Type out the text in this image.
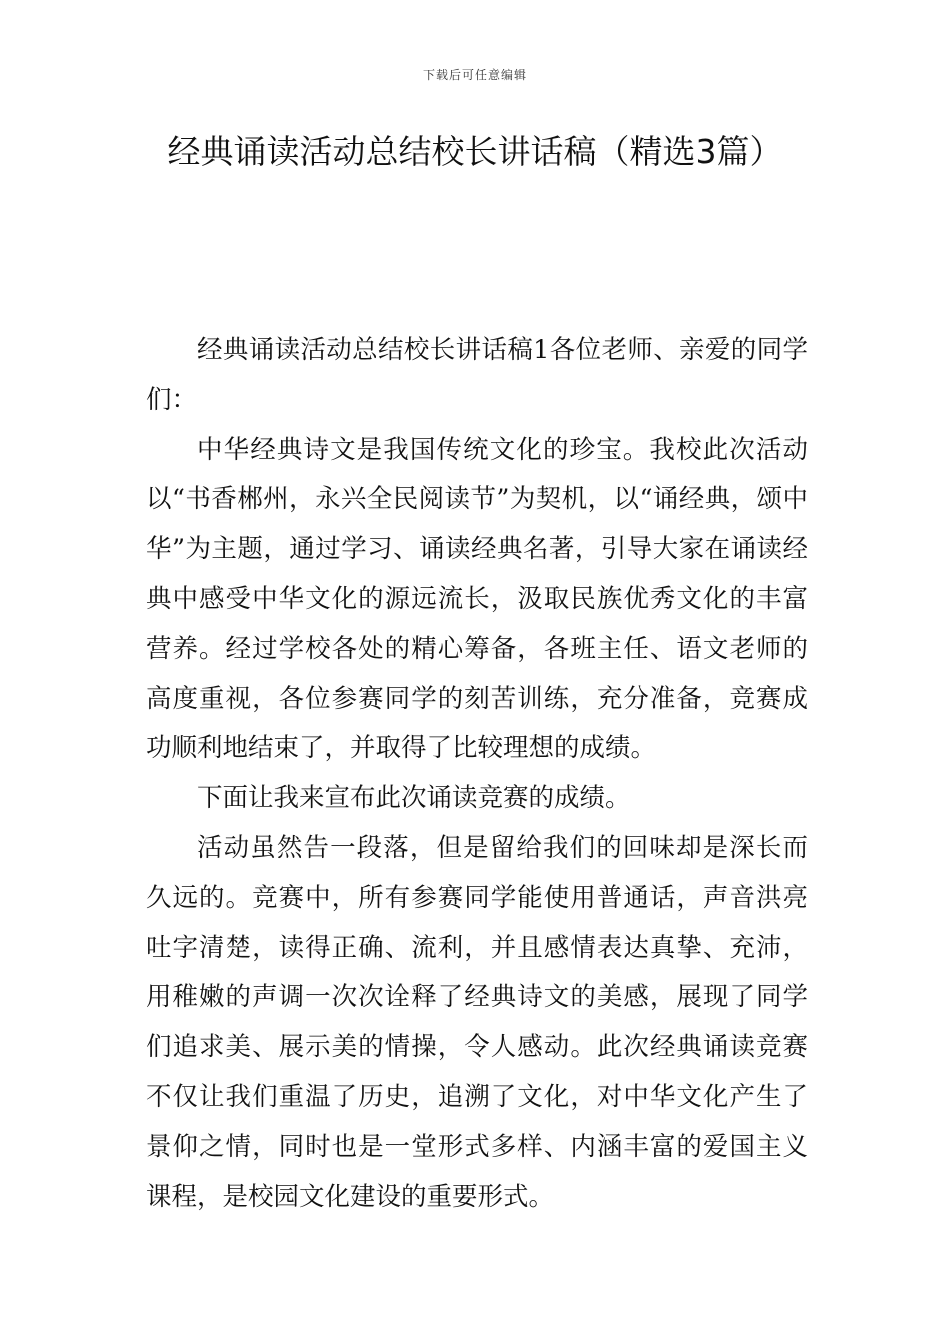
下载后可任意编辑
经典诵读活动总结校长讲话稿（精选3篇）

经典诵读活动总结校长讲话稿1各位老师、亲爱的同学们：

中华经典诗文是我国传统文化的珍宝。我校此次活动以“书香郴州，永兴全民阅读节”为契机，以“诵经典，颂中华”为主题，通过学习、诵读经典名著，引导大家在诵读经典中感受中华文化的源远流长，汲取民族优秀文化的丰富营养。经过学校各处的精心筹备，各班主任、语文老师的高度重视，各位参赛同学的刻苦训练，充分准备，竞赛成功顺利地结束了，并取得了比较理想的成绩。

下面让我来宣布此次诵读竞赛的成绩。

活动虽然告一段落，但是留给我们的回味却是深长而久远的。竞赛中，所有参赛同学能使用普通话，声音洪亮吐字清楚，读得正确、流利，并且感情表达真挚、充沛，用稚嫩的声调一次次诠释了经典诗文的美感，展现了同学们追求美、展示美的情操，令人感动。此次经典诵读竞赛不仅让我们重温了历史，追溯了文化，对中华文化产生了景仰之情，同时也是一堂形式多样、内涵丰富的爱国主义课程，是校园文化建设的重要形式。
